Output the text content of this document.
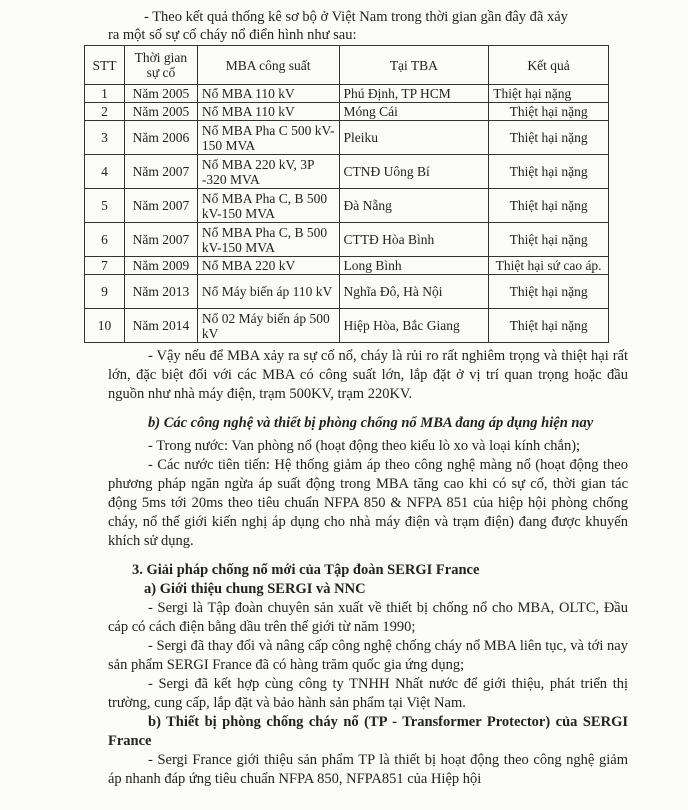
- Theo kết quả thống kê sơ bộ ở Việt Nam trong thời gian gần đây đã xảy

ra một số sự cố cháy nổ điển hình như sau:

STT	Thời gian sự cố	MBA công suất	Tại TBA	Kết quả
1	Năm 2005	Nổ MBA 110 kV	Phú Định, TP HCM	Thiệt hại nặng
2	Năm 2005	Nổ MBA 110 kV	Móng Cái	Thiệt hại nặng
3	Năm 2006	Nổ MBA Pha C 500 kV-150 MVA	Pleiku	Thiệt hại nặng
4	Năm 2007	Nổ MBA 220 kV, 3P -320 MVA	CTNĐ Uông Bí	Thiệt hại nặng
5	Năm 2007	Nổ MBA Pha C, B 500 kV-150 MVA	Đà Nẵng	Thiệt hại nặng
6	Năm 2007	Nổ MBA Pha C, B 500 kV-150 MVA	CTTĐ Hòa Bình	Thiệt hại nặng
7	Năm 2009	Nổ MBA 220 kV	Long Bình	Thiệt hại sứ cao áp.
9	Năm 2013	Nổ Máy biến áp 110 kV	Nghĩa Đô, Hà Nội	Thiệt hại nặng
10	Năm 2014	Nổ 02 Máy biến áp 500 kV	Hiệp Hòa, Bắc Giang	Thiệt hại nặng

- Vậy nếu để MBA xảy ra sự cố nổ, cháy là rủi ro rất nghiêm trọng và thiệt hại rất lớn, đặc biệt đối với các MBA có công suất lớn, lắp đặt ở vị trí quan trọng hoặc đầu nguồn như nhà máy điện, trạm 500KV, trạm 220KV.

b) Các công nghệ và thiết bị phòng chống nổ MBA đang áp dụng hiện nay

- Trong nước: Van phòng nổ (hoạt động theo kiểu lò xo và loại kính chắn);

- Các nước tiên tiến: Hệ thống giảm áp theo công nghệ màng nổ (hoạt động theo phương pháp ngăn ngừa áp suất động trong MBA tăng cao khi có sự cố, thời gian tác động 5ms tới 20ms theo tiêu chuẩn NFPA 850 & NFPA 851 của hiệp hội phòng chống cháy, nổ thế giới kiến nghị áp dụng cho nhà máy điện và trạm điện) đang được khuyến khích sử dụng.

3. Giải pháp chống nổ mới của Tập đoàn SERGI France

a) Giới thiệu chung SERGI và NNC

- Sergi là Tập đoàn chuyên sản xuất về thiết bị chống nổ cho MBA, OLTC, Đầu cáp có cách điện bằng dầu trên thế giới từ năm 1990;

- Sergi đã thay đổi và nâng cấp công nghệ chống cháy nổ MBA liên tục, và tới nay sản phẩm SERGI France đã có hàng trăm quốc gia ứng dụng;

- Sergi đã kết hợp cùng công ty TNHH Nhất nước để giới thiệu, phát triển thị trường, cung cấp, lắp đặt và bảo hành sản phẩm tại Việt Nam.

b) Thiết bị phòng chống cháy nổ (TP - Transformer Protector) của SERGI France

- Sergi France giới thiệu sản phẩm TP là thiết bị hoạt động theo công nghệ giảm áp nhanh đáp ứng tiêu chuẩn NFPA 850, NFPA851 của Hiệp hội
